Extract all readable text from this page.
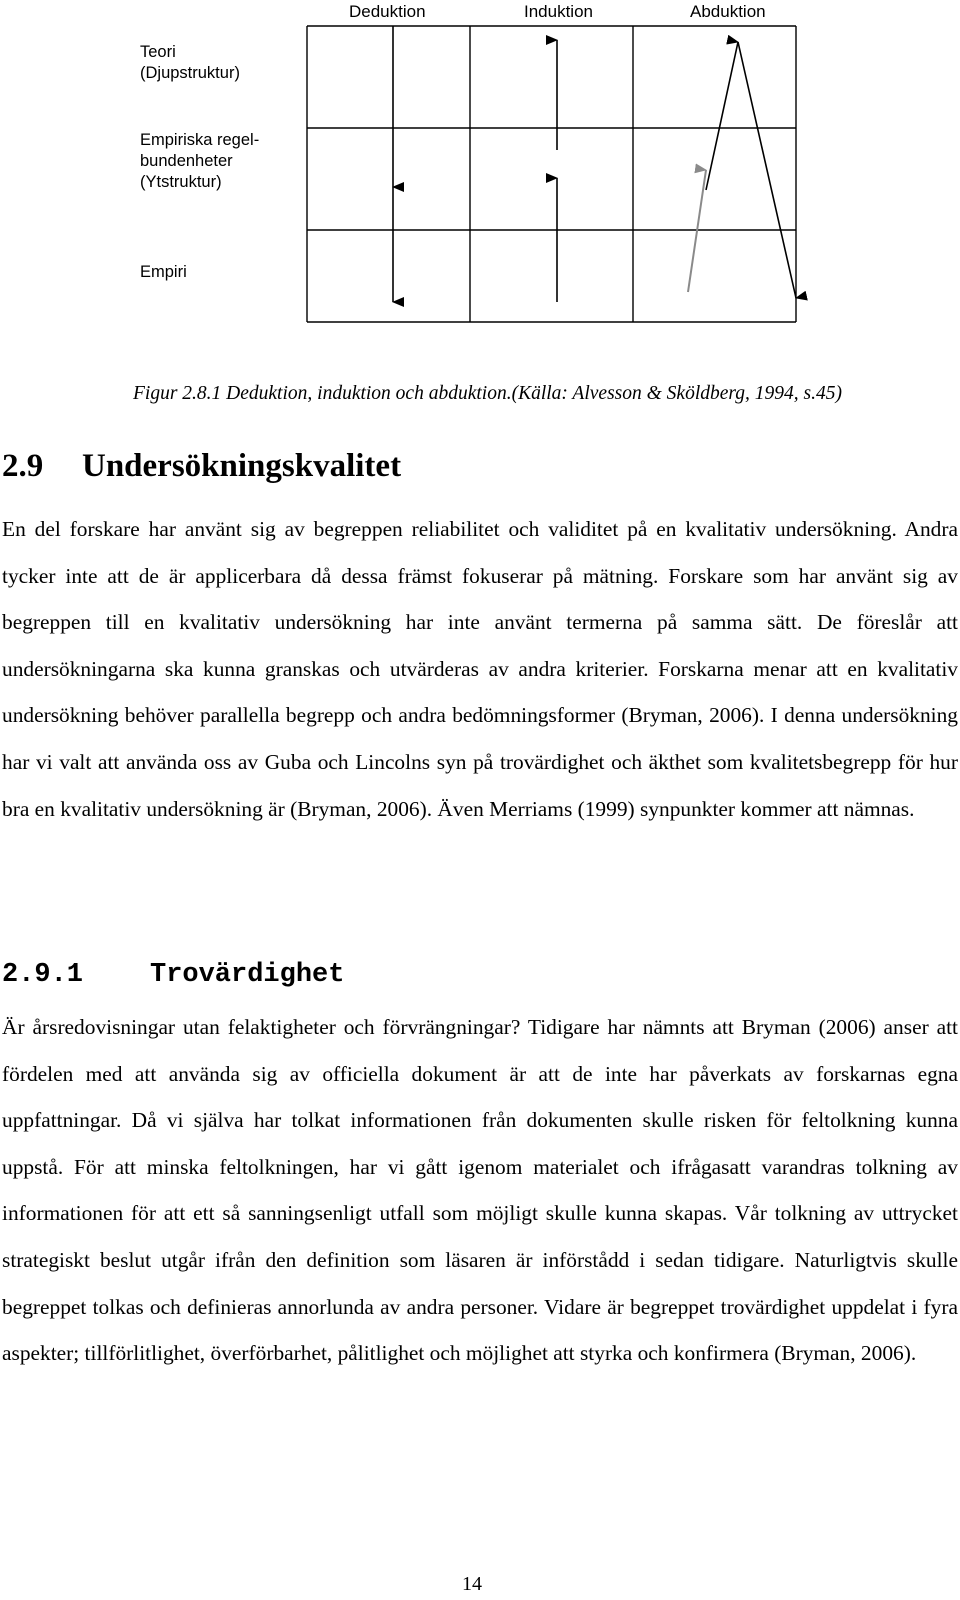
Deduktion	Induktion	Abduktion
Teori
(Djupstruktur)
Empiriska regel-
bundenheter
(Ytstruktur)
Empiri
Figur 2.8.1 Deduktion, induktion och abduktion.(Källa: Alvesson & Sköldberg, 1994, s.45)
2.9 Undersökningskvalitet

En del forskare har använt sig av begreppen reliabilitet och validitet på en kvalitativ undersökning. Andra tycker inte att de är applicerbara då dessa främst fokuserar på mätning. Forskare som har använt sig av begreppen till en kvalitativ undersökning har inte använt termerna på samma sätt. De föreslår att undersökningarna ska kunna granskas och utvärderas av andra kriterier. Forskarna menar att en kvalitativ undersökning behöver parallella begrepp och andra bedömningsformer (Bryman, 2006). I denna undersökning har vi valt att använda oss av Guba och Lincolns syn på trovärdighet och äkthet som kvalitetsbegrepp för hur bra en kvalitativ undersökning är (Bryman, 2006). Även Merriams (1999) synpunkter kommer att nämnas.

2.9.1 Trovärdighet

Är årsredovisningar utan felaktigheter och förvrängningar? Tidigare har nämnts att Bryman (2006) anser att fördelen med att använda sig av officiella dokument är att de inte har påverkats av forskarnas egna uppfattningar. Då vi själva har tolkat informationen från dokumenten skulle risken för feltolkning kunna uppstå. För att minska feltolkningen, har vi gått igenom materialet och ifrågasatt varandras tolkning av informationen för att ett så sanningsenligt utfall som möjligt skulle kunna skapas. Vår tolkning av uttrycket strategiskt beslut utgår ifrån den definition som läsaren är införstådd i sedan tidigare. Naturligtvis skulle begreppet tolkas och definieras annorlunda av andra personer. Vidare är begreppet trovärdighet uppdelat i fyra aspekter; tillförlitlighet, överförbarhet, pålitlighet och möjlighet att styrka och konfirmera (Bryman, 2006).

14
